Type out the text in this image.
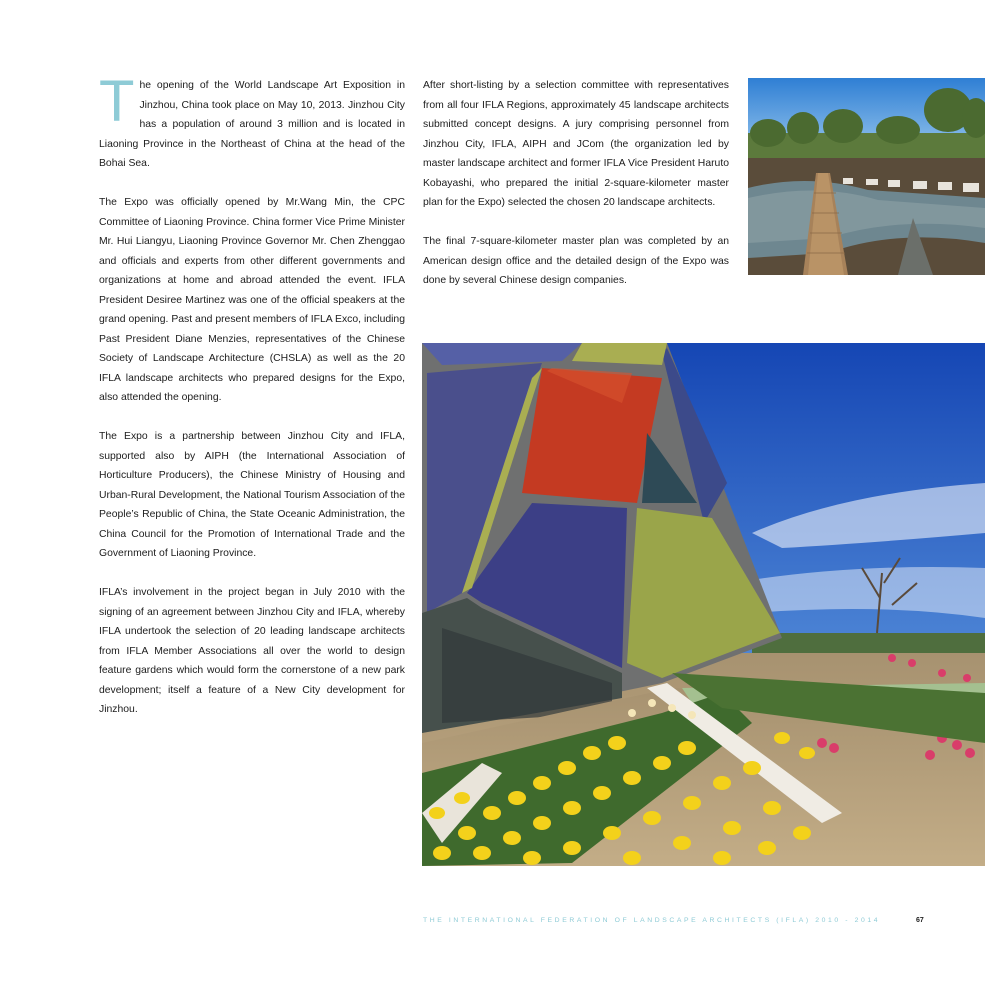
The opening of the World Landscape Art Exposition in Jinzhou, China took place on May 10, 2013. Jinzhou City has a population of around 3 million and is located in Liaoning Province in the Northeast of China at the head of the Bohai Sea.

The Expo was officially opened by Mr.Wang Min, the CPC Committee of Liaoning Province. China former Vice Prime Minister Mr. Hui Liangyu, Liaoning Province Governor Mr. Chen Zhenggao and officials and experts from other different governments and organizations at home and abroad attended the event. IFLA President Desiree Martinez was one of the official speakers at the grand opening. Past and present members of IFLA Exco, including Past President Diane Menzies, representatives of the Chinese Society of Landscape Architecture (CHSLA) as well as the 20 IFLA landscape architects who prepared designs for the Expo, also attended the opening.

The Expo is a partnership between Jinzhou City and IFLA, supported also by AIPH (the International Association of Horticulture Producers), the Chinese Ministry of Housing and Urban-Rural Development, the National Tourism Association of the People’s Republic of China, the State Oceanic Administration, the China Council for the Promotion of International Trade and the Government of Liaoning Province.

IFLA’s involvement in the project began in July 2010 with the signing of an agreement between Jinzhou City and IFLA, whereby IFLA undertook the selection of 20 leading landscape architects from IFLA Member Associations all over the world to design feature gardens which would form the cornerstone of a new park development; itself a feature of a New City development for Jinzhou.

After short-listing by a selection committee with representatives from all four IFLA Regions, approximately 45 landscape architects submitted concept designs. A jury comprising personnel from Jinzhou City, IFLA, AIPH and JCom (the organization led by master landscape architect and former IFLA Vice President Haruto Kobayashi, who prepared the initial 2-square-kilometer master plan for the Expo) selected the chosen 20 landscape architects.

The final 7-square-kilometer master plan was completed by an American design office and the detailed design of the Expo was done by several Chinese design companies.

THE INTERNATIONAL FEDERATION OF LANDSCAPE ARCHITECTS (IFLA) 2010 - 2014	67
